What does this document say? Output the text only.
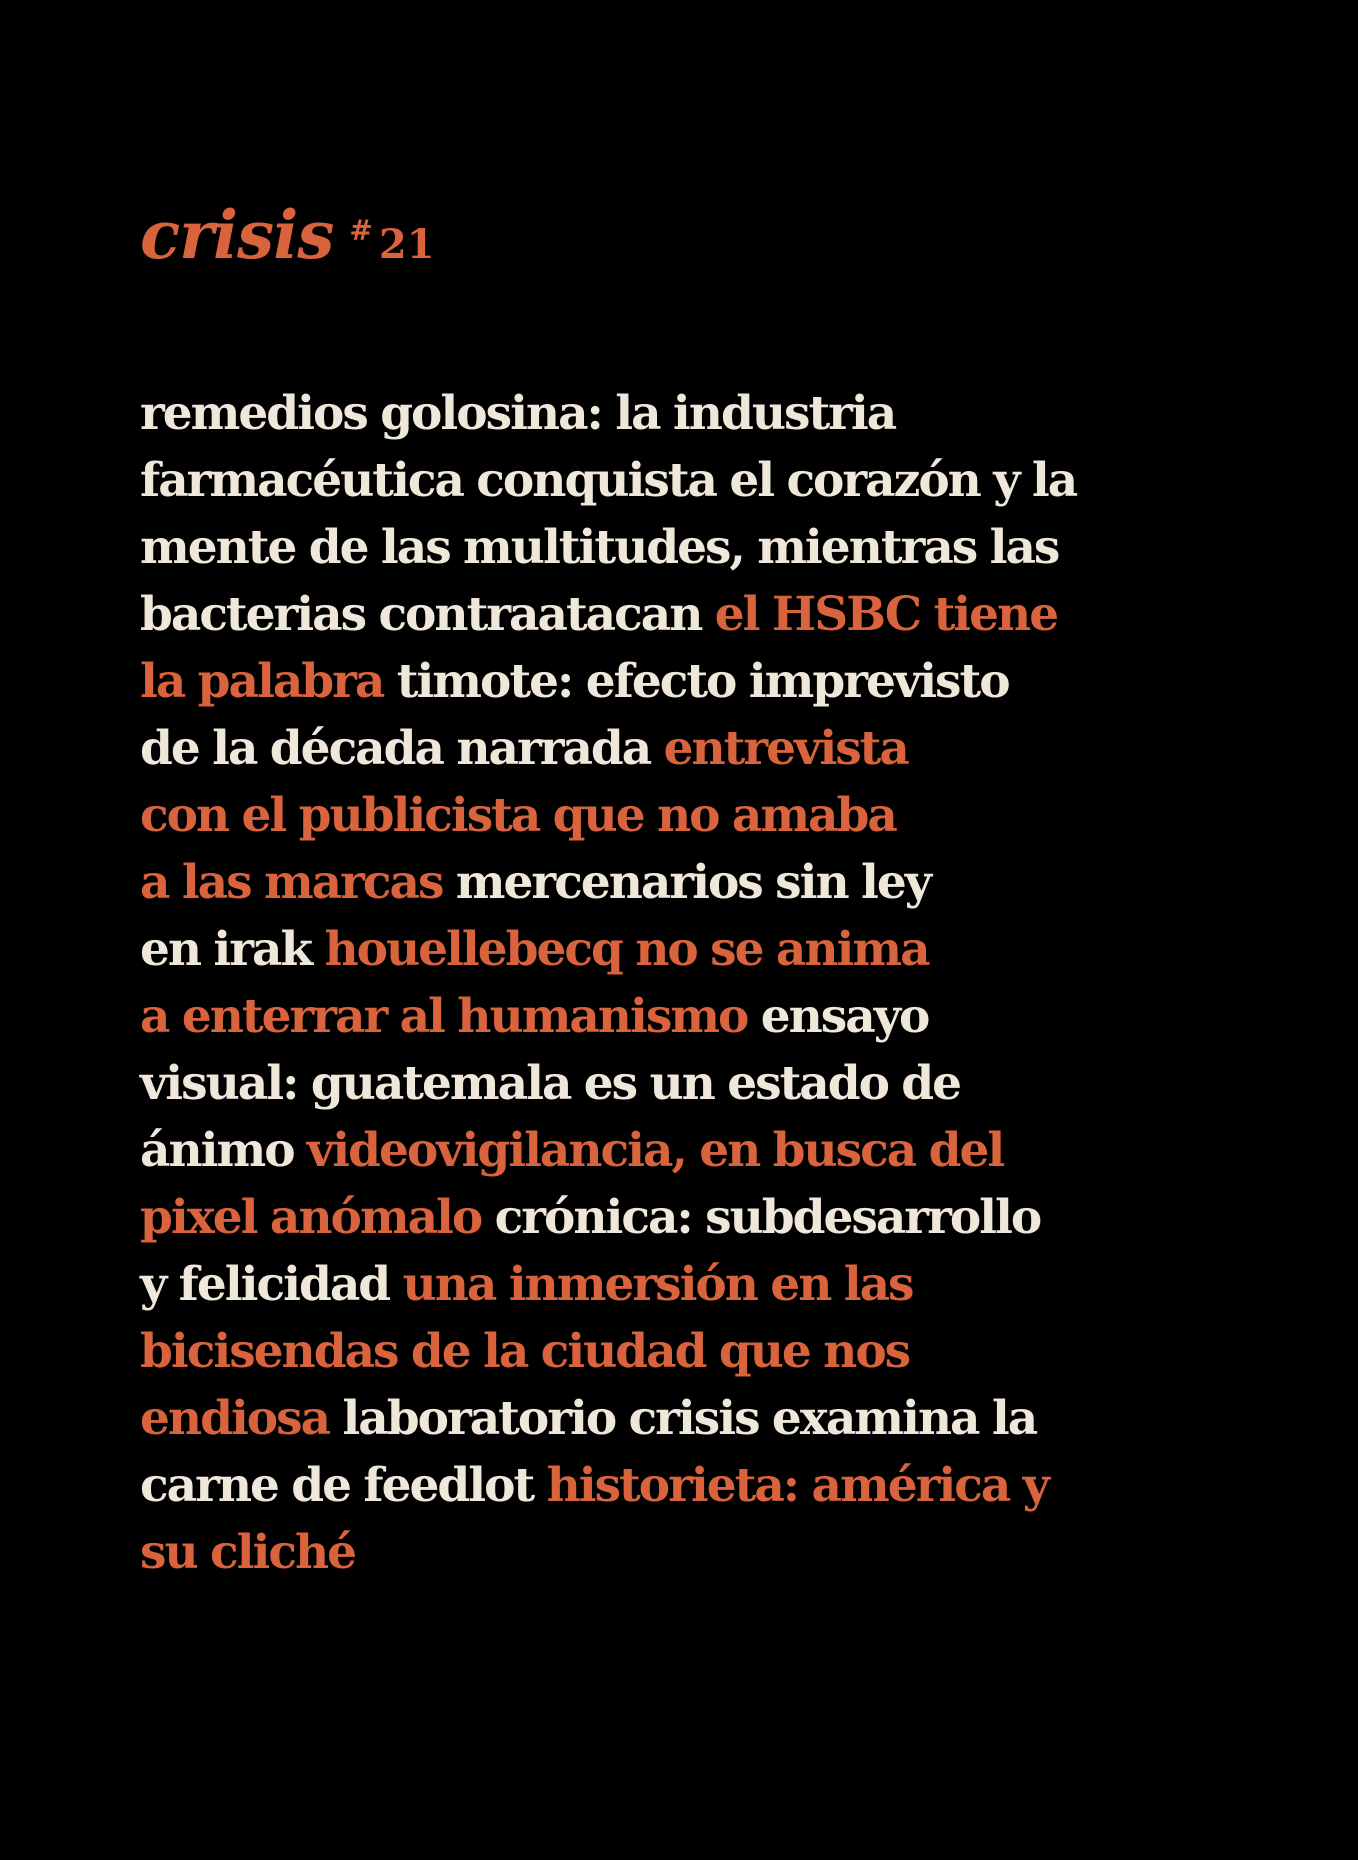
crisis # 21
remedios golosina: la industria
farmacéutica conquista el corazón y la
mente de las multitudes, mientras las
bacterias contraatacan el HSBC tiene
la palabra timote: efecto imprevisto
de la década narrada entrevista
con el publicista que no amaba
a las marcas mercenarios sin ley
en irak houellebecq no se anima
a enterrar al humanismo ensayo
visual: guatemala es un estado de
ánimo videovigilancia, en busca del
pixel anómalo crónica: subdesarrollo
y felicidad una inmersión en las
bicisendas de la ciudad que nos
endiosa laboratorio crisis examina la
carne de feedlot historieta: américa y
su cliché
